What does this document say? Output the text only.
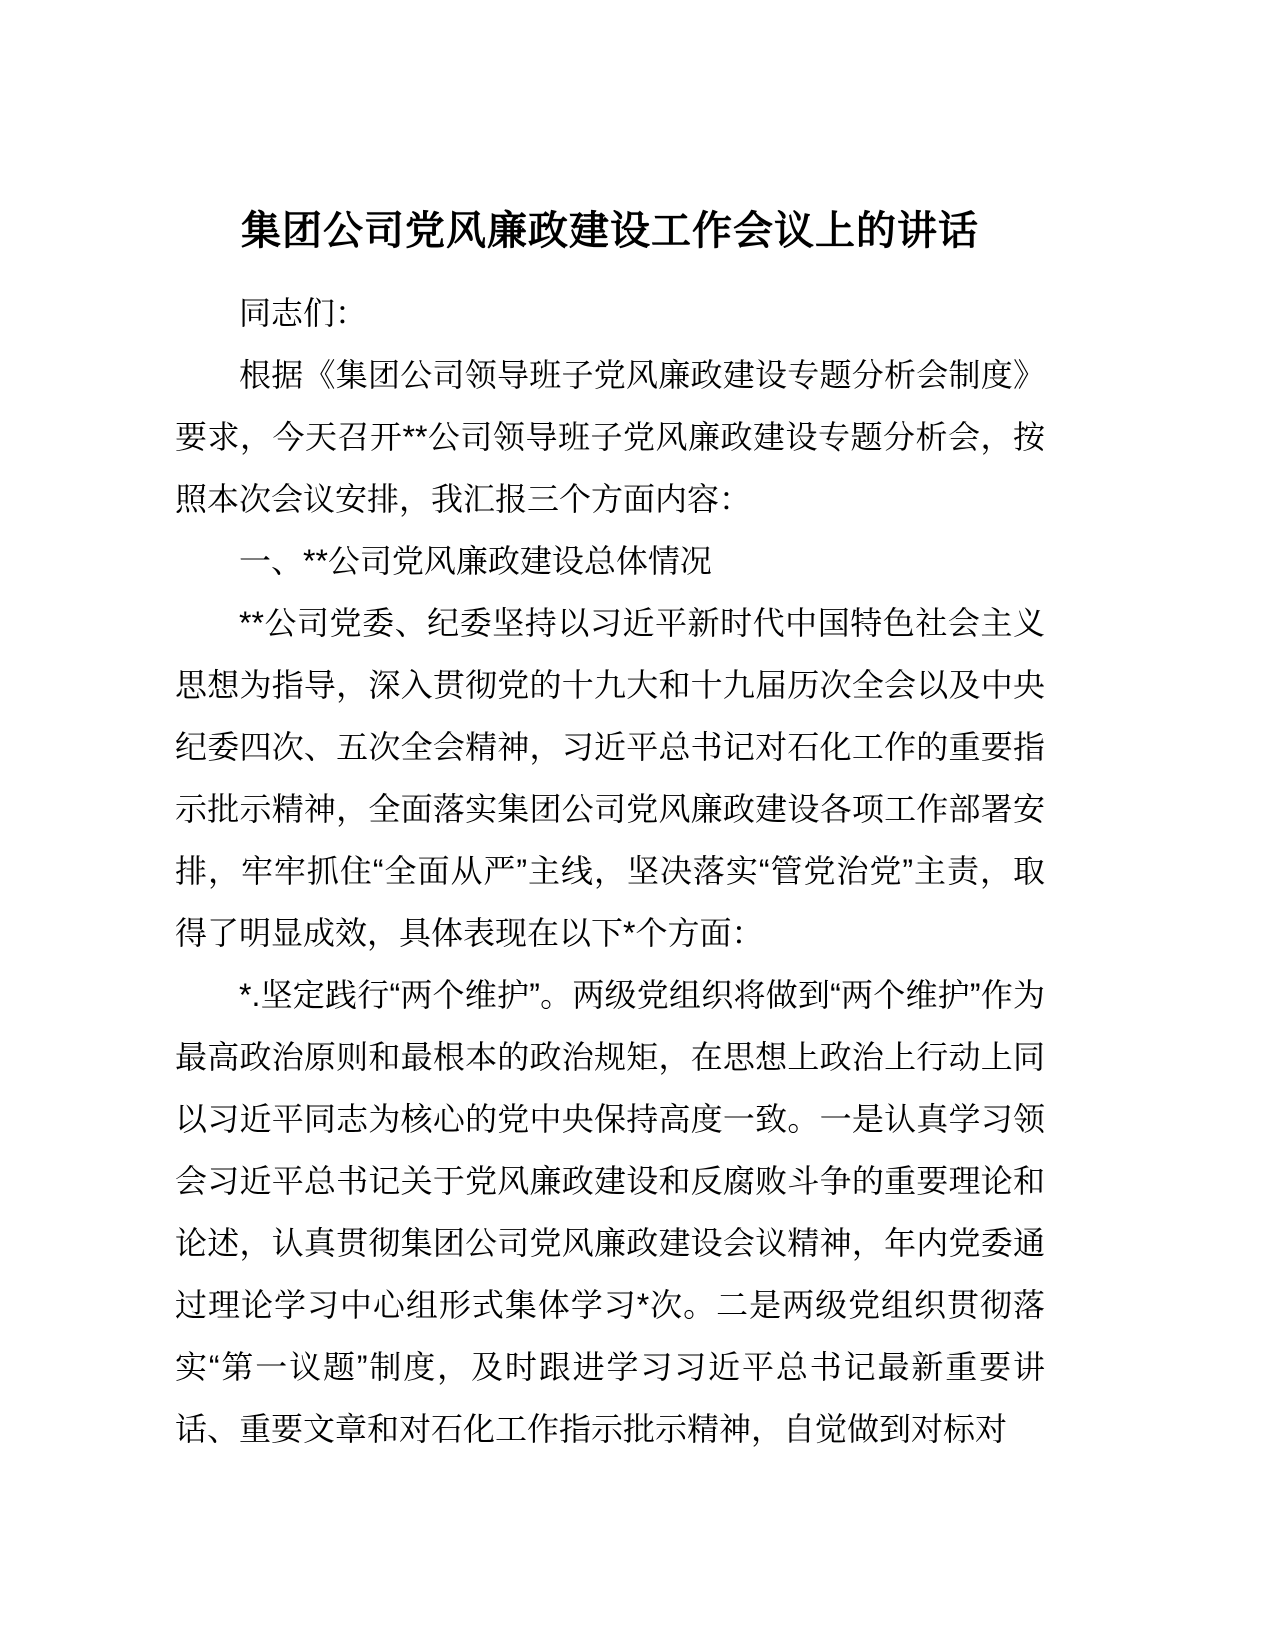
集团公司党风廉政建设工作会议上的讲话

同志们：

根据《集团公司领导班子党风廉政建设专题分析会制度》要求，今天召开**公司领导班子党风廉政建设专题分析会，按照本次会议安排，我汇报三个方面内容：

一、**公司党风廉政建设总体情况

**公司党委、纪委坚持以习近平新时代中国特色社会主义思想为指导，深入贯彻党的十九大和十九届历次全会以及中央纪委四次、五次全会精神，习近平总书记对石化工作的重要指示批示精神，全面落实集团公司党风廉政建设各项工作部署安排，牢牢抓住“全面从严”主线，坚决落实“管党治党”主责，取得了明显成效，具体表现在以下*个方面：

*.坚定践行“两个维护”。两级党组织将做到“两个维护”作为最高政治原则和最根本的政治规矩，在思想上政治上行动上同以习近平同志为核心的党中央保持高度一致。一是认真学习领会习近平总书记关于党风廉政建设和反腐败斗争的重要理论和论述，认真贯彻集团公司党风廉政建设会议精神，年内党委通过理论学习中心组形式集体学习*次。二是两级党组织贯彻落实“第一议题”制度，及时跟进学习习近平总书记最新重要讲话、重要文章和对石化工作指示批示精神，自觉做到对标对
